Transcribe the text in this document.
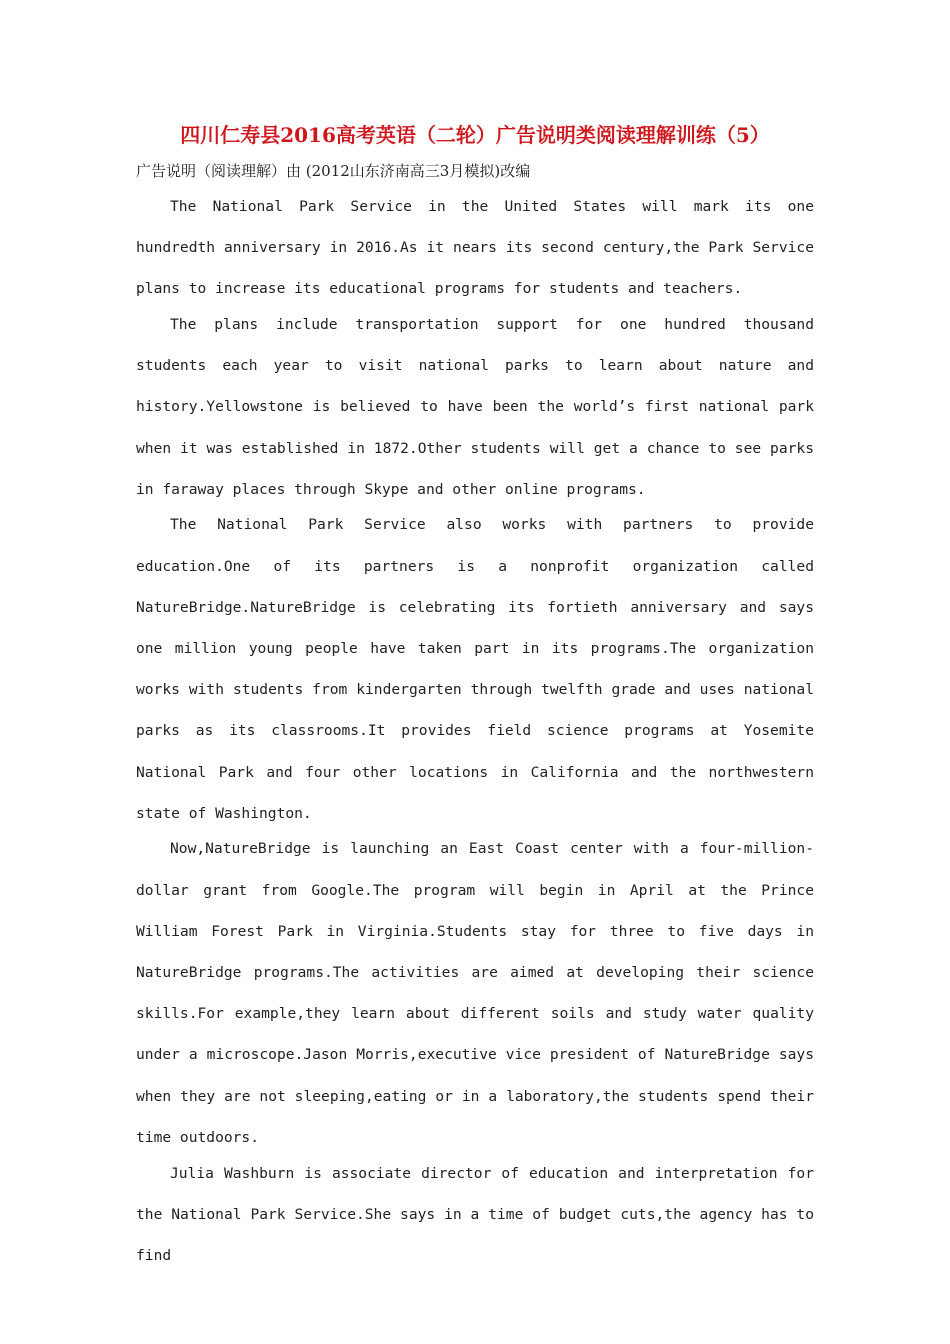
四川仁寿县2016高考英语（二轮）广告说明类阅读理解训练（5）
广告说明（阅读理解）由 (2012山东济南高三3月模拟)改编

The National Park Service in the United States will mark its one hundredth anniversary in 2016.As it nears its second century,the Park Service plans to increase its educational programs for students and teachers.

The plans include transportation support for one hundred thousand students each year to visit national parks to learn about nature and history.Yellowstone is believed to have been the world’s first national park when it was established in 1872.Other students will get a chance to see parks in faraway places through Skype and other online programs.

The National Park Service also works with partners to provide education.One of its partners is a nonprofit organization called NatureBridge.NatureBridge is celebrating its fortieth anniversary and says one million young people have taken part in its programs.The organization works with students from kindergarten through twelfth grade and uses national parks as its classrooms.It provides field science programs at Yosemite National Park and four other locations in California and the northwestern state of Washington.

Now,NatureBridge is launching an East Coast center with a four-million-dollar grant from Google.The program will begin in April at the Prince William Forest Park in Virginia.Students stay for three to five days in NatureBridge programs.The activities are aimed at developing their science skills.For example,they learn about different soils and study water quality under a microscope.Jason Morris,executive vice president of NatureBridge says when they are not sleeping,eating or in a laboratory,the students spend their time outdoors.

Julia Washburn is associate director of education and interpretation for the National Park Service.She says in a time of budget cuts,the agency has to find
